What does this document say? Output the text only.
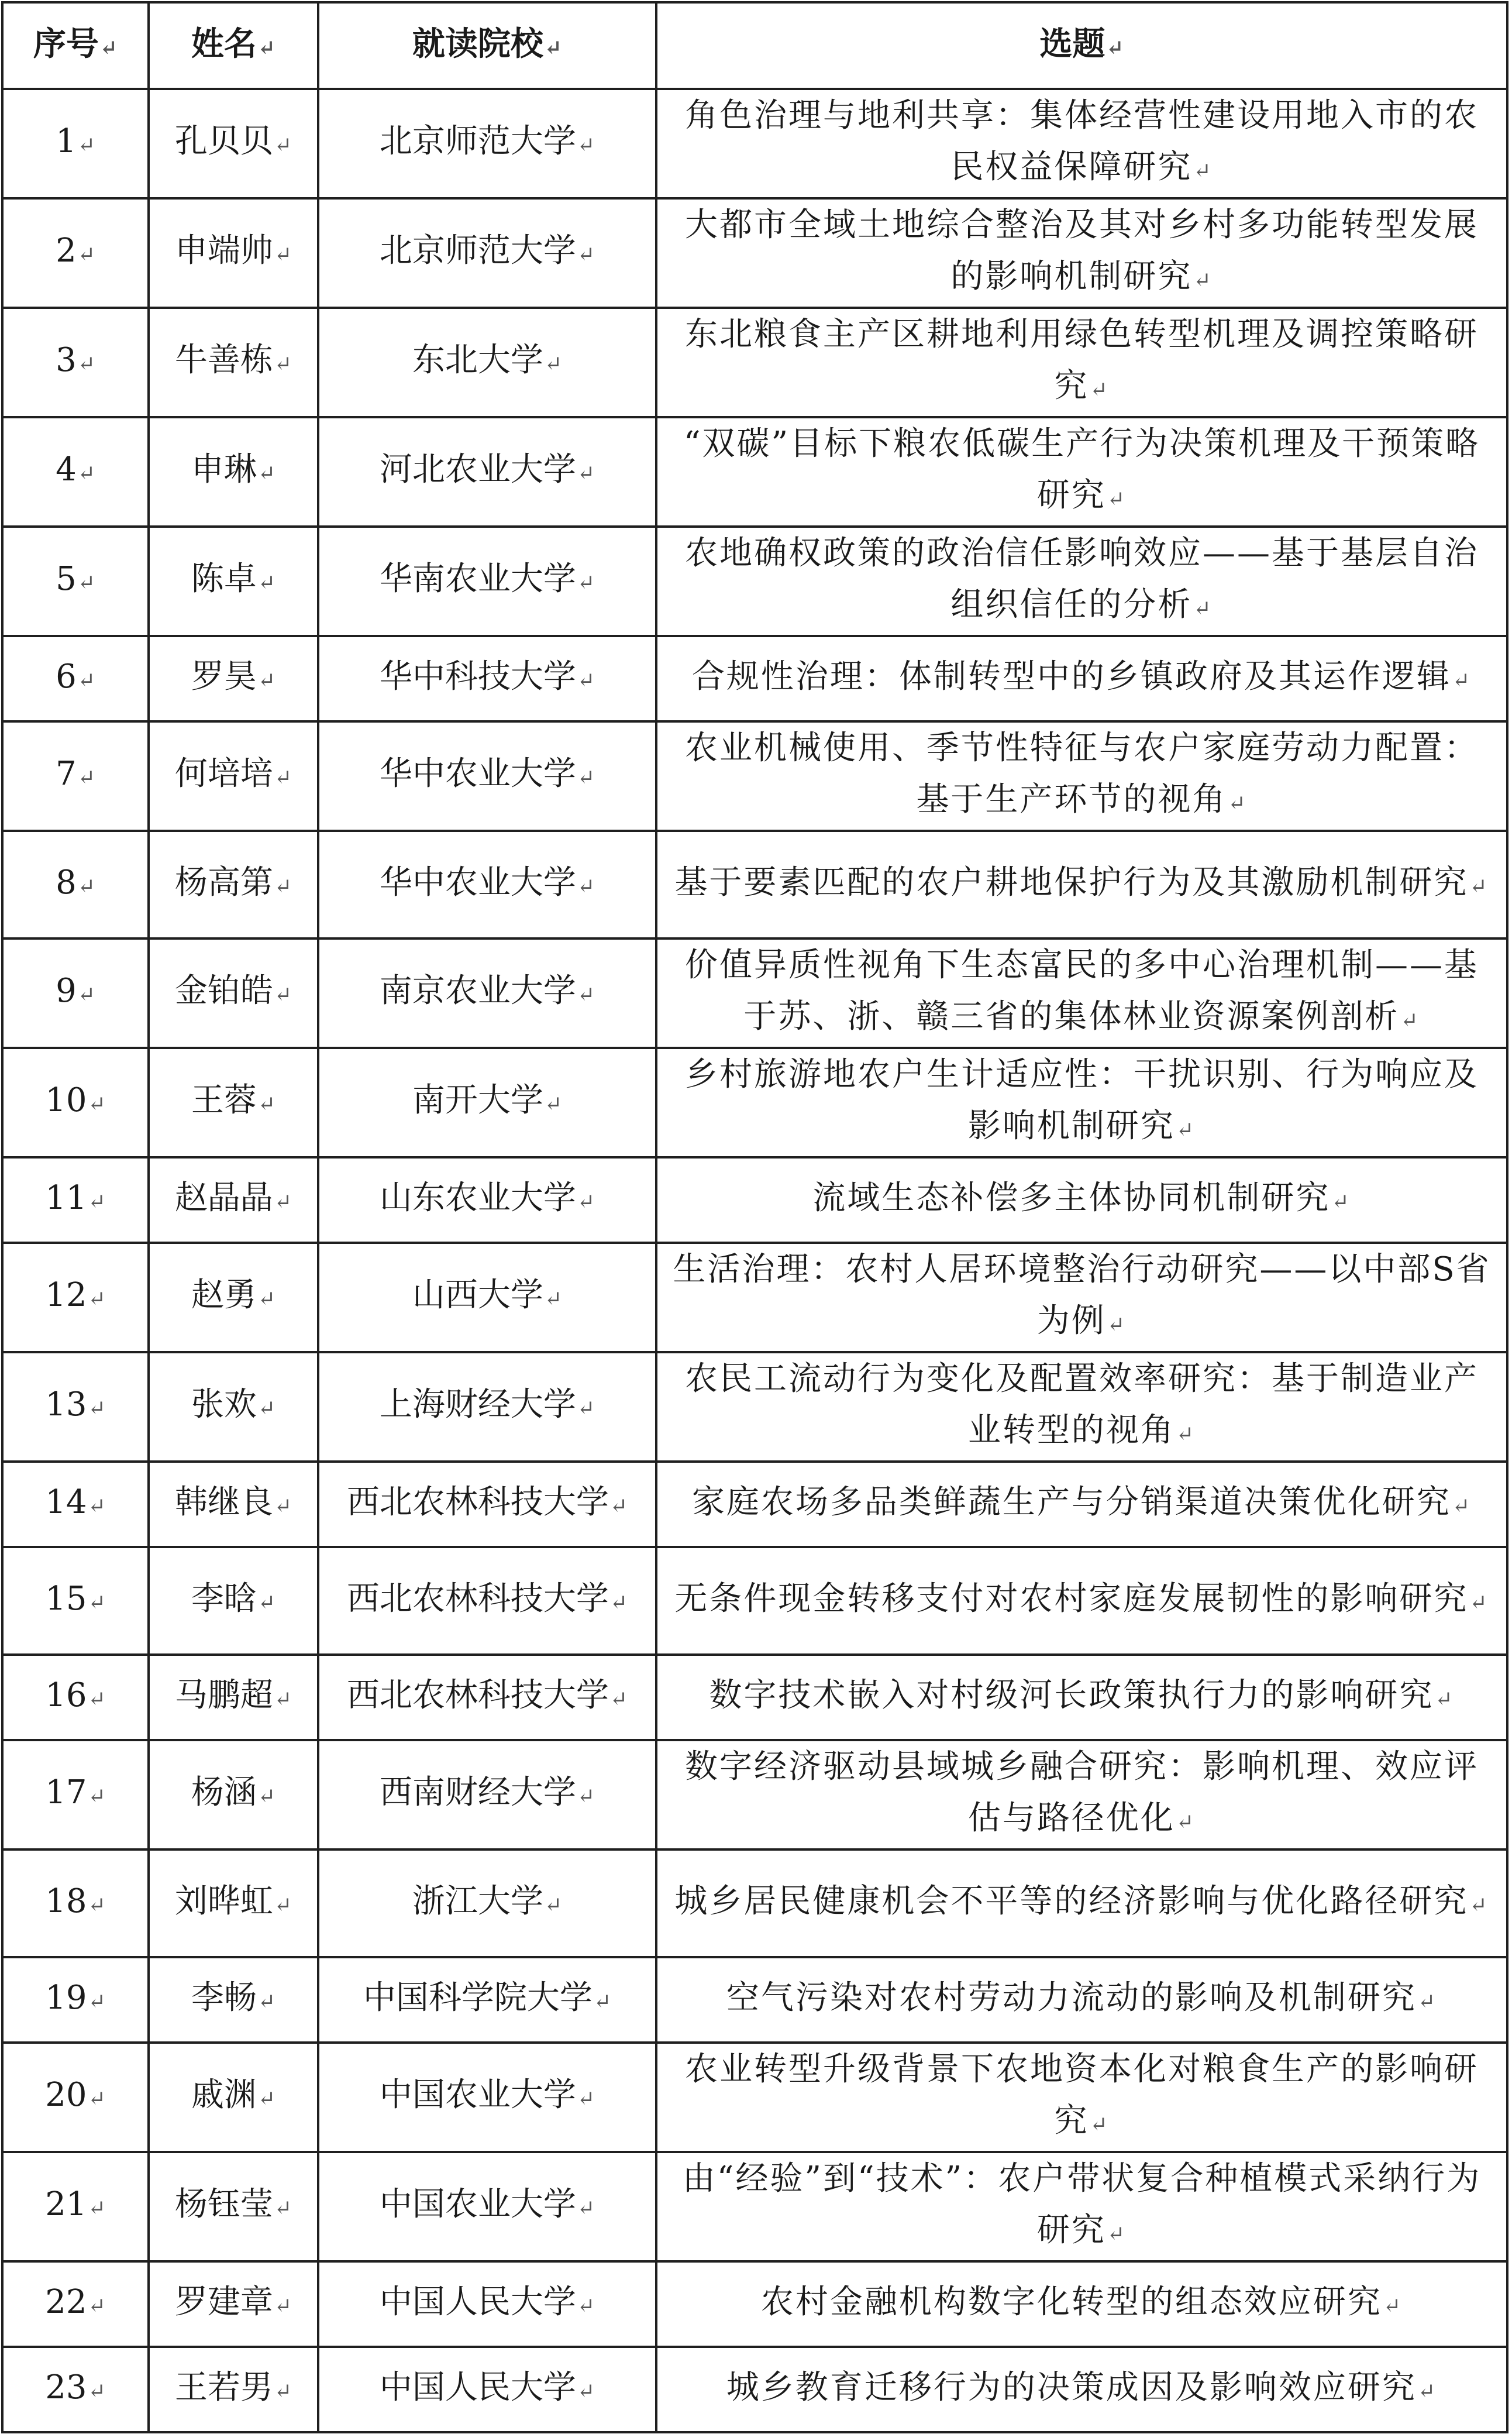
序号↵	姓名↵	就读院校↵	选题↵
1↵	孔贝贝↵	北京师范大学↵	角色治理与地利共享：集体经营性建设用地入市的农民权益保障研究↵
2↵	申端帅↵	北京师范大学↵	大都市全域土地综合整治及其对乡村多功能转型发展的影响机制研究↵
3↵	牛善栋↵	东北大学↵	东北粮食主产区耕地利用绿色转型机理及调控策略研究↵
4↵	申琳↵	河北农业大学↵	“双碳”目标下粮农低碳生产行为决策机理及干预策略研究↵
5↵	陈卓↵	华南农业大学↵	农地确权政策的政治信任影响效应——基于基层自治组织信任的分析↵
6↵	罗昊↵	华中科技大学↵	合规性治理：体制转型中的乡镇政府及其运作逻辑↵
7↵	何培培↵	华中农业大学↵	农业机械使用、季节性特征与农户家庭劳动力配置：基于生产环节的视角↵
8↵	杨高第↵	华中农业大学↵	基于要素匹配的农户耕地保护行为及其激励机制研究↵
9↵	金铂皓↵	南京农业大学↵	价值异质性视角下生态富民的多中心治理机制——基于苏、浙、赣三省的集体林业资源案例剖析↵
10↵	王蓉↵	南开大学↵	乡村旅游地农户生计适应性：干扰识别、行为响应及影响机制研究↵
11↵	赵晶晶↵	山东农业大学↵	流域生态补偿多主体协同机制研究↵
12↵	赵勇↵	山西大学↵	生活治理：农村人居环境整治行动研究——以中部S省为例↵
13↵	张欢↵	上海财经大学↵	农民工流动行为变化及配置效率研究：基于制造业产业转型的视角↵
14↵	韩继良↵	西北农林科技大学↵	家庭农场多品类鲜蔬生产与分销渠道决策优化研究↵
15↵	李晗↵	西北农林科技大学↵	无条件现金转移支付对农村家庭发展韧性的影响研究↵
16↵	马鹏超↵	西北农林科技大学↵	数字技术嵌入对村级河长政策执行力的影响研究↵
17↵	杨涵↵	西南财经大学↵	数字经济驱动县域城乡融合研究：影响机理、效应评估与路径优化↵
18↵	刘晔虹↵	浙江大学↵	城乡居民健康机会不平等的经济影响与优化路径研究↵
19↵	李畅↵	中国科学院大学↵	空气污染对农村劳动力流动的影响及机制研究↵
20↵	戚渊↵	中国农业大学↵	农业转型升级背景下农地资本化对粮食生产的影响研究↵
21↵	杨钰莹↵	中国农业大学↵	由“经验”到“技术”：农户带状复合种植模式采纳行为研究↵
22↵	罗建章↵	中国人民大学↵	农村金融机构数字化转型的组态效应研究↵
23↵	王若男↵	中国人民大学↵	城乡教育迁移行为的决策成因及影响效应研究↵
